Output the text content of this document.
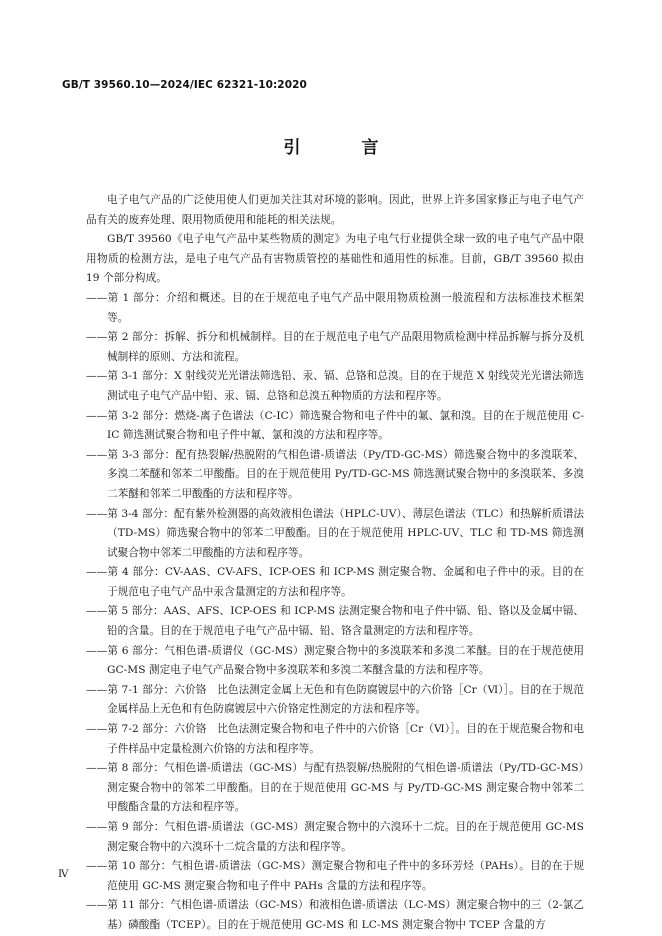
GB/T 39560.10—2024/IEC 62321-10:2020
引　言

电子电气产品的广泛使用使人们更加关注其对环境的影响。因此，世界上许多国家修正与电子电气产品有关的废弃处理、限用物质使用和能耗的相关法规。

GB/T 39560《电子电气产品中某些物质的测定》为电子电气行业提供全球一致的电子电气产品中限用物质的检测方法，是电子电气产品有害物质管控的基础性和通用性的标准。目前，GB/T 39560 拟由 19 个部分构成。

——第 1 部分：介绍和概述。目的在于规范电子电气产品中限用物质检测一般流程和方法标准技术框架等。

——第 2 部分：拆解、拆分和机械制样。目的在于规范电子电气产品限用物质检测中样品拆解与拆分及机械制样的原则、方法和流程。

——第 3-1 部分：X 射线荧光光谱法筛选铅、汞、镉、总铬和总溴。目的在于规范 X 射线荧光光谱法筛选测试电子电气产品中铅、汞、镉、总铬和总溴五种物质的方法和程序等。

——第 3-2 部分：燃烧-离子色谱法（C-IC）筛选聚合物和电子件中的氟、氯和溴。目的在于规范使用 C-IC 筛选测试聚合物和电子件中氟、氯和溴的方法和程序等。

——第 3-3 部分：配有热裂解/热脱附的气相色谱-质谱法（Py/TD-GC-MS）筛选聚合物中的多溴联苯、多溴二苯醚和邻苯二甲酸酯。目的在于规范使用 Py/TD-GC-MS 筛选测试聚合物中的多溴联苯、多溴二苯醚和邻苯二甲酸酯的方法和程序等。

——第 3-4 部分：配有紫外检测器的高效液相色谱法（HPLC-UV）、薄层色谱法（TLC）和热解析质谱法（TD-MS）筛选聚合物中的邻苯二甲酸酯。目的在于规范使用 HPLC-UV、TLC 和 TD-MS 筛选测试聚合物中邻苯二甲酸酯的方法和程序等。

——第 4 部分：CV-AAS、CV-AFS、ICP-OES 和 ICP-MS 测定聚合物、金属和电子件中的汞。目的在于规范电子电气产品中汞含量测定的方法和程序等。

——第 5 部分：AAS、AFS、ICP-OES 和 ICP-MS 法测定聚合物和电子件中镉、铅、铬以及金属中镉、铅的含量。目的在于规范电子电气产品中镉、铅、铬含量测定的方法和程序等。

——第 6 部分：气相色谱-质谱仪（GC-MS）测定聚合物中的多溴联苯和多溴二苯醚。目的在于规范使用 GC-MS 测定电子电气产品聚合物中多溴联苯和多溴二苯醚含量的方法和程序等。

——第 7-1 部分：六价铬　比色法测定金属上无色和有色防腐镀层中的六价铬［Cr（Ⅵ）］。目的在于规范金属样品上无色和有色防腐镀层中六价铬定性测定的方法和程序等。

——第 7-2 部分：六价铬　比色法测定聚合物和电子件中的六价铬［Cr（Ⅵ）］。目的在于规范聚合物和电子件样品中定量检测六价铬的方法和程序等。

——第 8 部分：气相色谱-质谱法（GC-MS）与配有热裂解/热脱附的气相色谱-质谱法（Py/TD-GC-MS）测定聚合物中的邻苯二甲酸酯。目的在于规范使用 GC-MS 与 Py/TD-GC-MS 测定聚合物中邻苯二甲酸酯含量的方法和程序等。

——第 9 部分：气相色谱-质谱法（GC-MS）测定聚合物中的六溴环十二烷。目的在于规范使用 GC-MS 测定聚合物中的六溴环十二烷含量的方法和程序等。

——第 10 部分：气相色谱-质谱法（GC-MS）测定聚合物和电子件中的多环芳烃（PAHs）。目的在于规范使用 GC-MS 测定聚合物和电子件中 PAHs 含量的方法和程序等。

——第 11 部分：气相色谱-质谱法（GC-MS）和液相色谱-质谱法（LC-MS）测定聚合物中的三（2-氯乙基）磷酸酯（TCEP）。目的在于规范使用 GC-MS 和 LC-MS 测定聚合物中 TCEP 含量的方

Ⅳ
